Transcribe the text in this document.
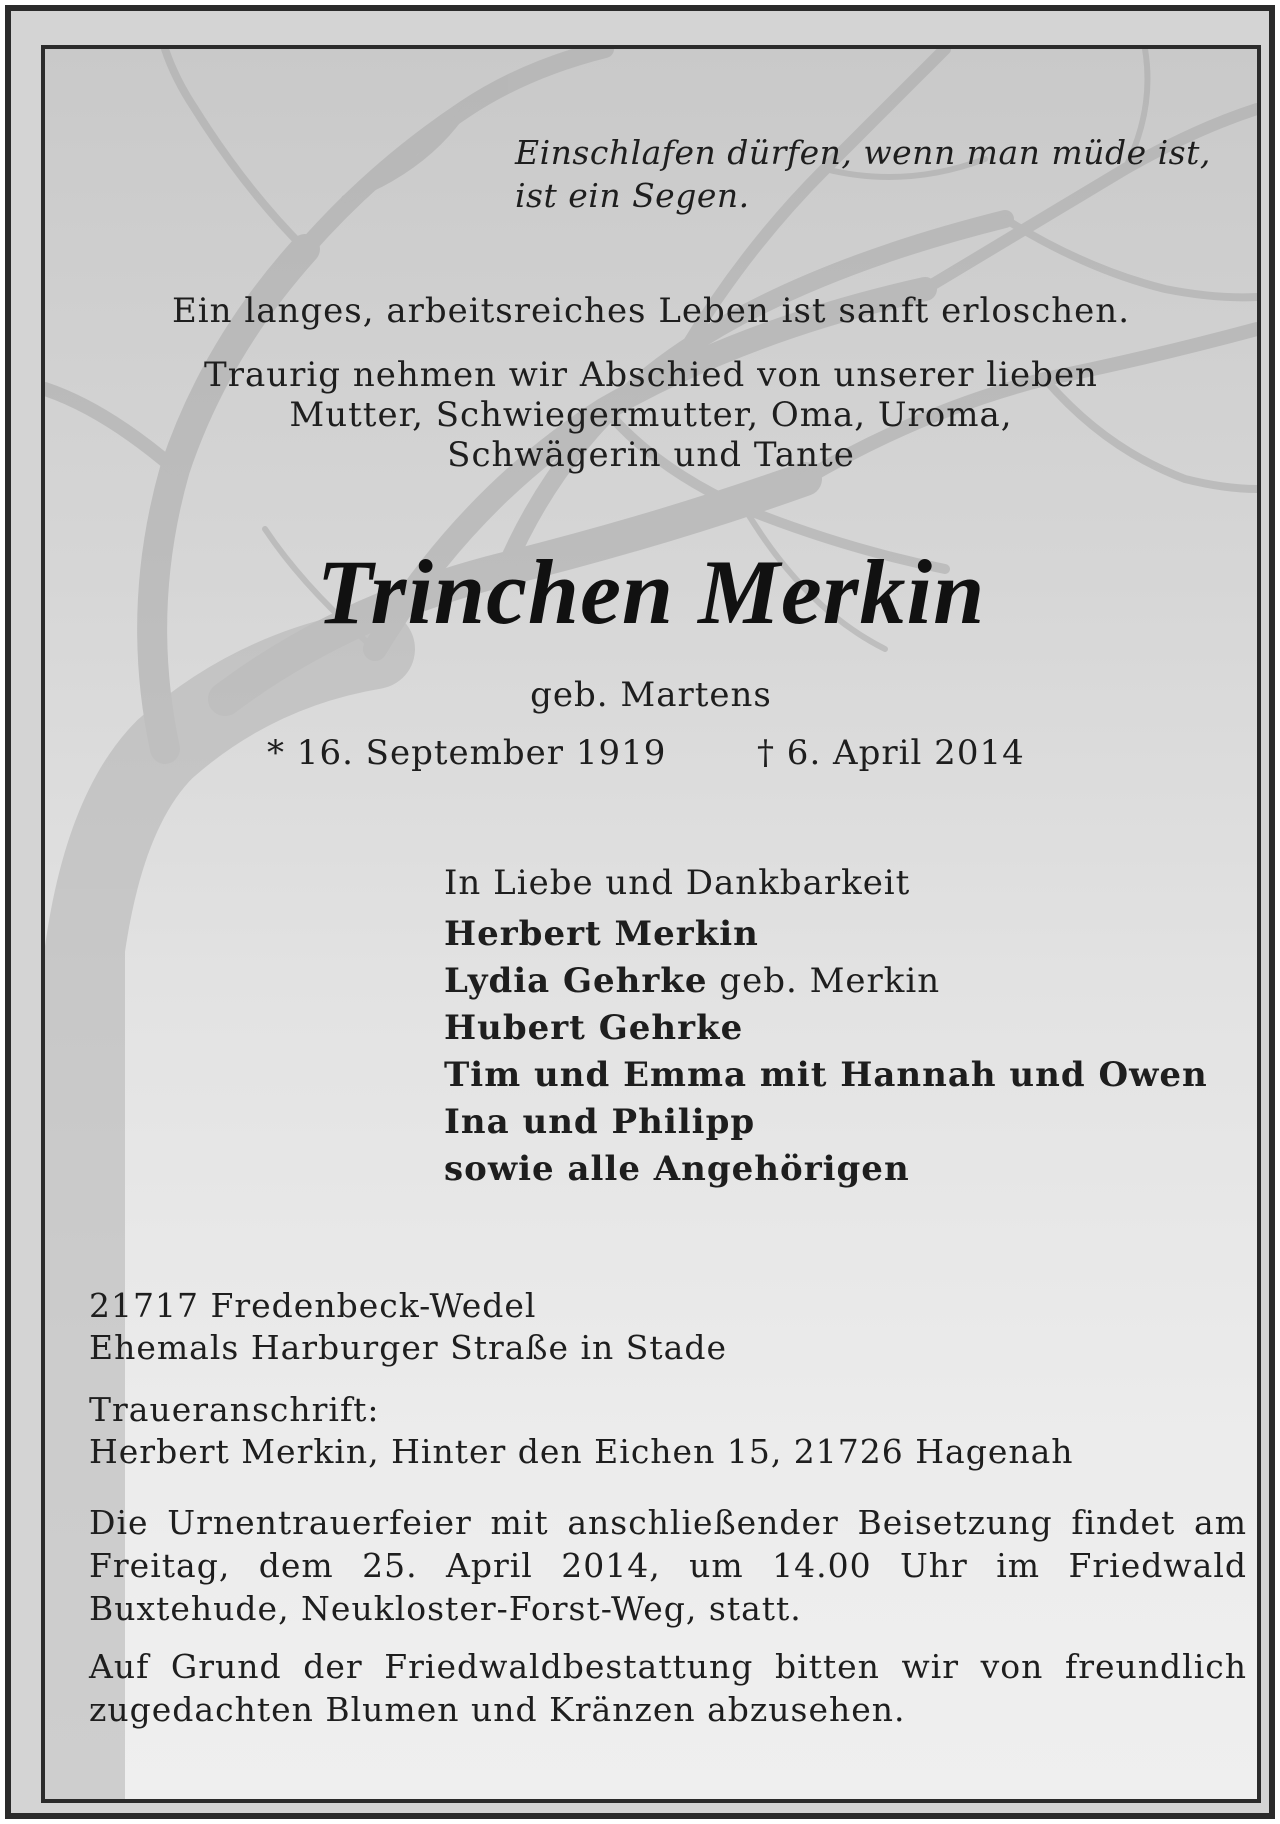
Einschlafen dürfen, wenn man müde ist,
ist ein Segen.
Ein langes, arbeitsreiches Leben ist sanft erloschen.
Traurig nehmen wir Abschied von unserer lieben
Mutter, Schwiegermutter, Oma, Uroma,
Schwägerin und Tante
Trinchen Merkin
geb. Martens
* 16. September 1919	† 6. April 2014
In Liebe und Dankbarkeit
Herbert Merkin
Lydia Gehrke geb. Merkin
Hubert Gehrke
Tim und Emma mit Hannah und Owen
Ina und Philipp
sowie alle Angehörigen
21717 Fredenbeck-Wedel
Ehemals Harburger Straße in Stade
Traueranschrift:
Herbert Merkin, Hinter den Eichen 15, 21726 Hagenah
Die Urnentrauerfeier mit anschließender Beisetzung findet am Freitag, dem 25. April 2014, um 14.00 Uhr im Friedwald Buxtehude, Neukloster-Forst-Weg, statt.
Auf Grund der Friedwaldbestattung bitten wir von freundlich zugedachten Blumen und Kränzen abzusehen.
